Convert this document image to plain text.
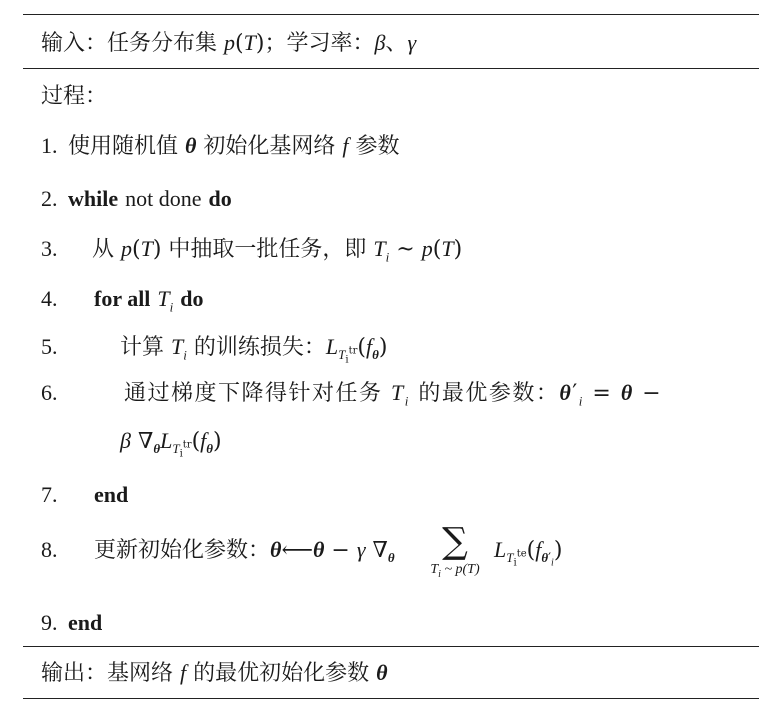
输入：任务分布集 p(T)；学习率：β、γ
过程：
1. 使用随机值 θ 初始化基网络 f 参数
2. while not done do
3. 从 p(T) 中抽取一批任务，即 $T_i$ ~ p(T)
4. for all $T_i$ do
5.	计算 $T_i$ 的训练损失：$L_{T_i^{tr}}(f_\theta)$
6.	通过梯度下降得针对任务 $T_i$ 的最优参数：$\theta'_i = \theta$ −
β $\nabla_\theta L_{T_i^{tr}}(f_\theta)$
7. end
8. 更新初始化参数：θ⟵θ − γ $\nabla_\theta$	∑
$T_i$ ~ p(T)
$L_{T_i^{te}}(f_{\theta'_i})$
9. end
输出：基网络 f 的最优初始化参数 θ
